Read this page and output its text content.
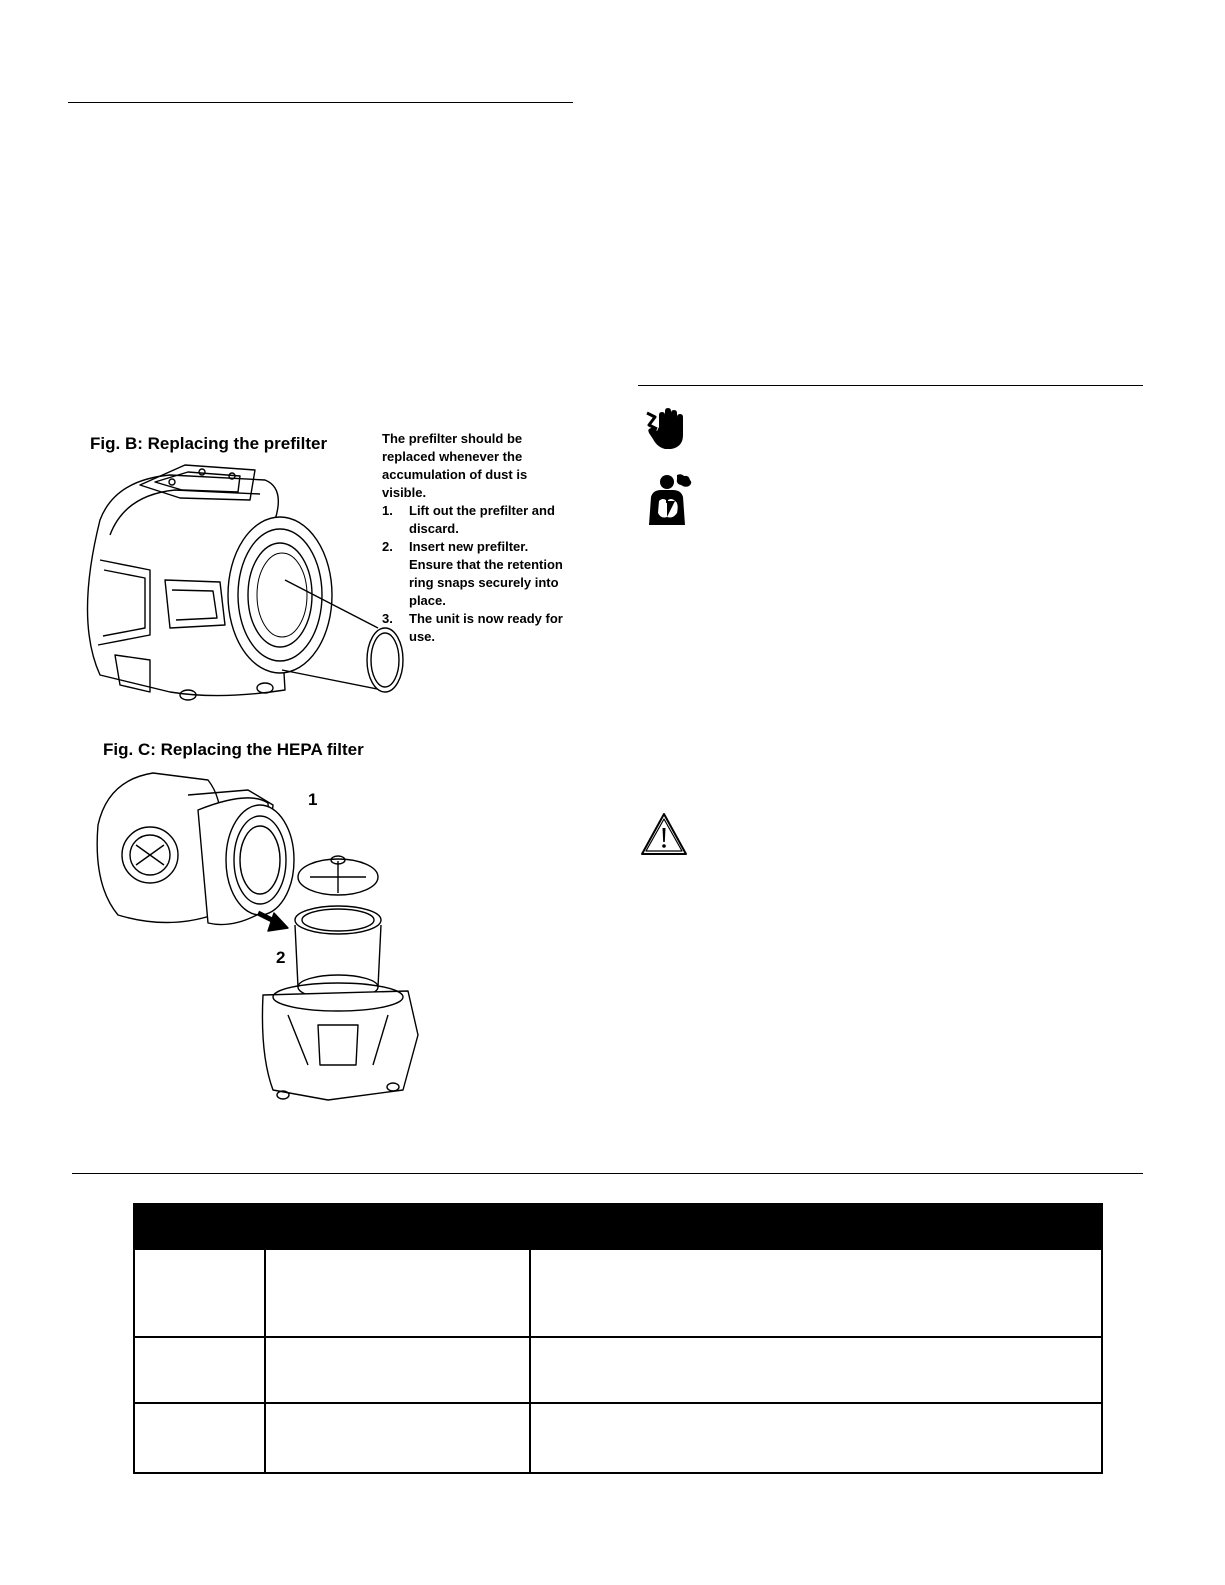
Fig. B: Replacing the prefilter	The prefilter should be replaced whenever the accumulation of dust is visible.
1.	Lift out the prefilter and discard.
2.	Insert new prefilter. Ensure that the retention ring snaps securely into place.
3.	The unit is now ready for use.
Fig. C: Replacing the HEPA filter
1
2
